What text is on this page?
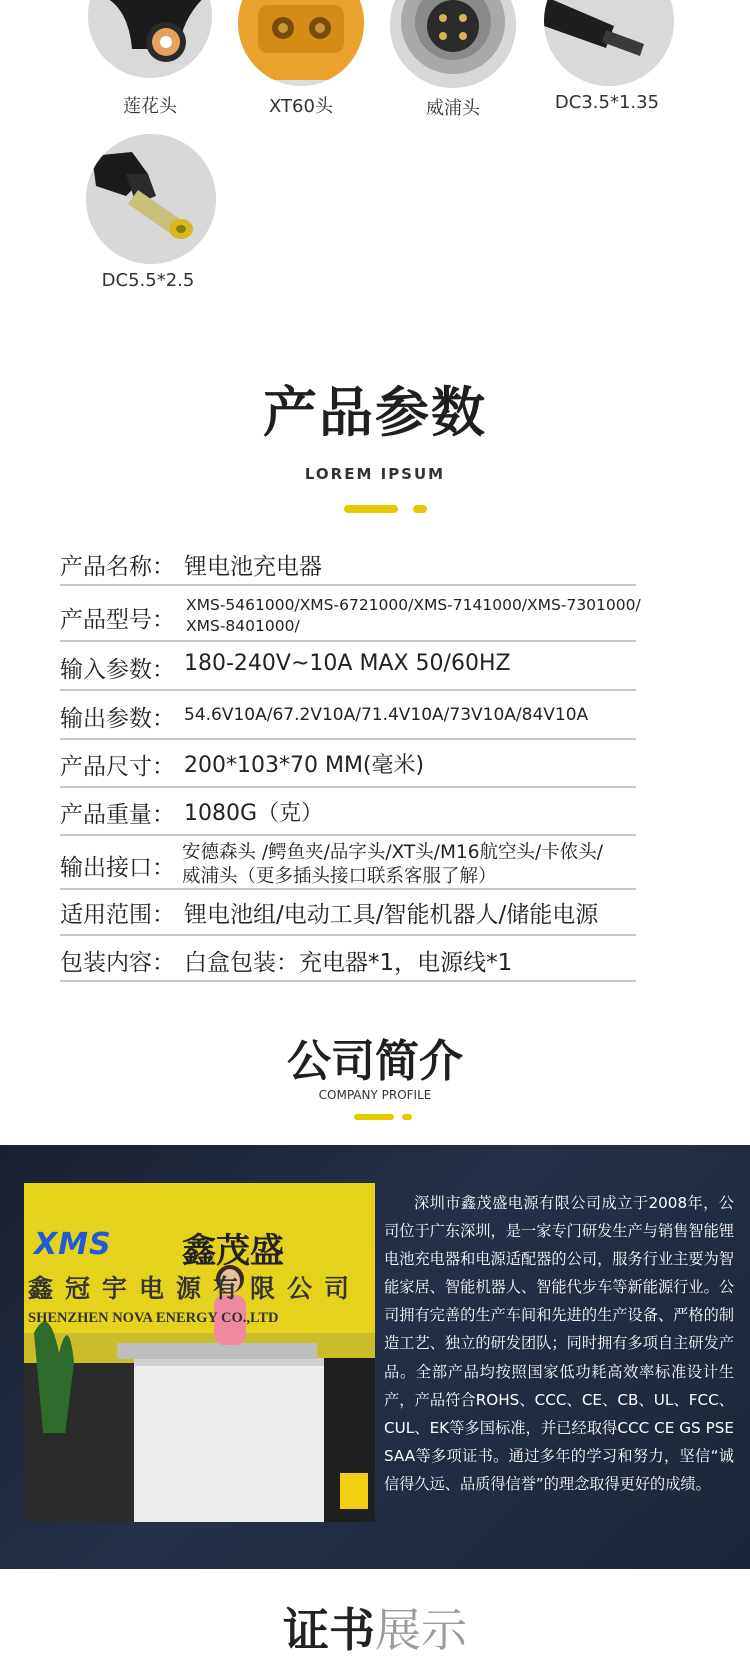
莲花头	XT60头	威浦头	DC3.5*1.35
DC5.5*2.5
产品参数
LOREM IPSUM
产品名称： 锂电池充电器
产品型号：
XMS-5461000/XMS-6721000/XMS-7141000/XMS-7301000/
XMS-8401000/
输入参数： 180-240V~10A MAX 50/60HZ
输出参数： 54.6V10A/67.2V10A/71.4V10A/73V10A/84V10A
产品尺寸： 200*103*70 MM(毫米)
产品重量： 1080G（克）
输出接口：
安德森头 /鳄鱼夹/品字头/XT头/M16航空头/卡侬头/
威浦头（更多插头接口联系客服了解）
适用范围： 锂电池组/电动工具/智能机器人/储能电源
包装内容： 白盒包装：充电器*1，电源线*1
公司简介
COMPANY PROFILE
XMS 鑫茂盛
鑫冠宇电源有限公司
SHENZHEN NOVA ENERGY CO.,LTD
深圳市鑫茂盛电源有限公司成立于2008年，公司位于广东深圳，是一家专门研发生产与销售智能锂电池充电器和电源适配器的公司，服务行业主要为智能家居、智能机器人、智能代步车等新能源行业。公司拥有完善的生产车间和先进的生产设备、严格的制造工艺、独立的研发团队；同时拥有多项自主研发产品。全部产品均按照国家低功耗高效率标准设计生产，产品符合ROHS、CCC、CE、CB、UL、FCC、CUL、EK等多国标准，并已经取得CCC CE GS PSE SAA等多项证书。通过多年的学习和努力，坚信“诚信得久远、品质得信誉”的理念取得更好的成绩。
证书展示
